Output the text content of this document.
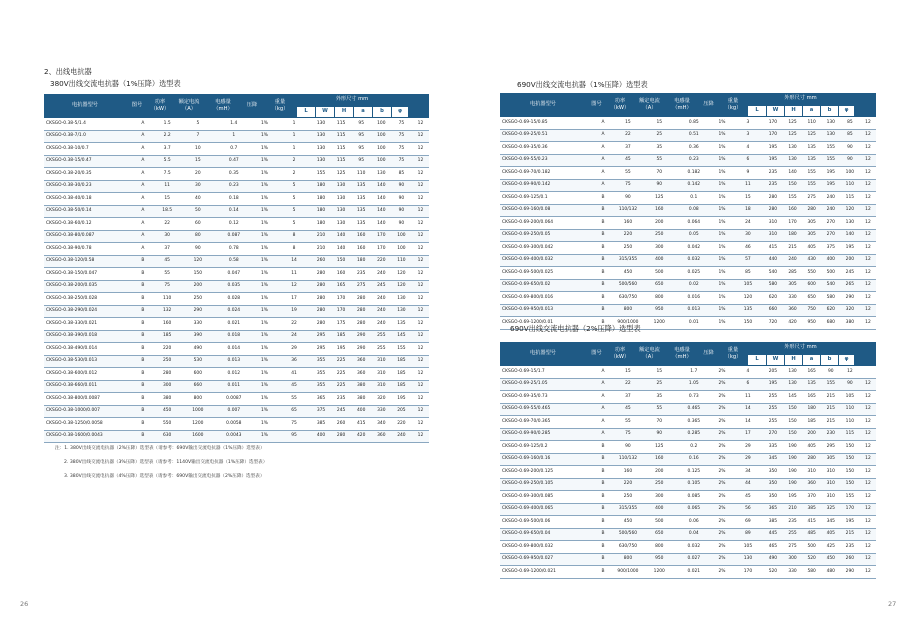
2、出线电抗器
380V出线交流电抗器（1%压降）选型表
电抗器型号	图号
功率
（kW）
额定电流
（A）
电感量
（mH）
压降
重量
（kg）
外形尺寸 mm
L	W	H	a	b	φ
CKSGO-0.38-5/1.4	A	1.5	5	1.4	1%	1	130	115	95	100	75	12
CKSGO-0.38-7/1.0	A	2.2	7	1	1%	1	130	115	95	100	75	12
CKSGO-0.38-10/0.7	A	3.7	10	0.7	1%	1	130	115	95	100	75	12
CKSGO-0.38-15/0.47	A	5.5	15	0.47	1%	2	130	115	95	100	75	12
CKSGO-0.38-20/0.35	A	7.5	20	0.35	1%	2	155	125	110	130	85	12
CKSGO-0.38-30/0.23	A	11	30	0.23	1%	5	180	130	135	140	90	12
CKSGO-0.38-40/0.18	A	15	40	0.18	1%	5	180	130	135	140	90	12
CKSGO-0.38-50/0.14	A	18.5	50	0.14	1%	5	180	130	135	140	90	12
CKSGO-0.38-60/0.12	A	22	60	0.12	1%	5	180	130	135	140	90	12
CKSGO-0.38-80/0.087	A	30	80	0.087	1%	8	210	140	160	170	100	12
CKSGO-0.38-90/0.78	A	37	90	0.78	1%	8	210	140	160	170	100	12
CKSGO-0.38-120/0.58	B	45	120	0.58	1%	14	260	150	180	220	110	12
CKSGO-0.38-150/0.047	B	55	150	0.047	1%	11	280	160	235	240	120	12
CKSGO-0.38-200/0.035	B	75	200	0.035	1%	12	280	165	275	245	120	12
CKSGO-0.38-250/0.028	B	110	250	0.028	1%	17	280	170	280	240	130	12
CKSGO-0.38-290/0.024	B	132	290	0.024	1%	19	280	170	280	240	130	12
CKSGO-0.38-330/0.021	B	160	330	0.021	1%	22	280	175	280	240	135	12
CKSGO-0.38-390/0.018	B	185	390	0.018	1%	24	295	185	290	255	145	12
CKSGO-0.38-490/0.014	B	220	490	0.014	1%	29	295	195	290	255	155	12
CKSGO-0.38-530/0.013	B	250	530	0.013	1%	36	355	225	360	310	185	12
CKSGO-0.38-600/0.012	B	280	600	0.012	1%	41	355	225	360	310	185	12
CKSGO-0.38-660/0.011	B	300	660	0.011	1%	45	355	225	380	310	185	12
CKSGO-0.38-800/0.0087	B	380	800	0.0087	1%	55	365	235	380	320	195	12
CKSGO-0.38-1000/0.007	B	450	1000	0.007	1%	65	375	245	400	330	205	12
CKSGO-0.38-1250/0.0058	B	550	1200	0.0058	1%	75	385	260	415	340	220	12
CKSGO-0.38-1600/0.0043	B	630	1600	0.0043	1%	95	400	280	420	360	240	12
注：1. 380V出线交流电抗器（2%压降）选型表（请参考：690V输出交流电抗器（1%压降）选型表）
2. 380V出线交流电抗器（3%压降）选型表（请参考：1140V输出交流电抗器（1%压降）选型表）
3. 380V出线交流电抗器（4%压降）选型表（请参考：690V输出交流电抗器（2%压降）选型表）
26
690V出线交流电抗器（1%压降）选型表
电抗器型号	图号
功率
（kW）
额定电流
（A）
电感量
（mH）
压降
重量
（kg）
外形尺寸 mm
L	W	H	a	b	φ
CKSGO-0.69-15/0.85	A	15	15	0.85	1%	3	170	125	110	130	85	12
CKSGO-0.69-25/0.51	A	22	25	0.51	1%	3	170	125	125	130	85	12
CKSGO-0.69-35/0.36	A	37	35	0.36	1%	4	195	130	135	155	90	12
CKSGO-0.69-55/0.23	A	45	55	0.23	1%	6	195	130	135	155	90	12
CKSGO-0.69-70/0.182	A	55	70	0.182	1%	9	235	140	155	195	100	12
CKSGO-0.69-90/0.142	A	75	90	0.142	1%	11	235	150	155	195	110	12
CKSGO-0.69-125/0.1	B	90	125	0.1	1%	15	280	155	275	240	115	12
CKSGO-0.69-160/0.08	B	110/132	160	0.08	1%	18	280	160	280	240	120	12
CKSGO-0.69-200/0.064	B	160	200	0.064	1%	24	310	170	305	270	130	12
CKSGO-0.69-250/0.05	B	220	250	0.05	1%	30	310	180	305	270	140	12
CKSGO-0.69-300/0.042	B	250	300	0.042	1%	46	415	215	405	375	195	12
CKSGO-0.69-400/0.032	B	315/355	400	0.032	1%	57	440	240	430	400	200	12
CKSGO-0.69-500/0.025	B	450	500	0.025	1%	85	540	285	550	500	245	12
CKSGO-0.69-650/0.02	B	500/560	650	0.02	1%	105	580	305	600	540	265	12
CKSGO-0.69-800/0.016	B	630/750	800	0.016	1%	120	620	330	650	580	290	12
CKSGO-0.69-950/0.013	B	800	950	0.013	1%	135	660	360	750	620	320	12
CKSGO-0.69-1200/0.01	B	900/1000	1200	0.01	1%	150	720	420	950	680	380	12
690V出线交流电抗器（2%压降）选型表
电抗器型号	图号
功率
（kW）
额定电流
（A）
电感量
（mH）
压降
重量
（kg）
外形尺寸 mm
L	W	H	a	b	φ
CKSGO-0.69-15/1.7	A	15	15	1.7	2%	4	205	130	165	90	12	
CKSGO-0.69-25/1.05	A	22	25	1.05	2%	6	195	130	135	155	90	12
CKSGO-0.69-35/0.73	A	37	35	0.73	2%	11	255	145	165	215	105	12
CKSGO-0.69-55/0.465	A	45	55	0.465	2%	14	255	150	180	215	110	12
CKSGO-0.69-70/0.365	A	55	70	0.365	2%	14	255	150	185	215	110	12
CKSGO-0.69-90/0.285	A	75	90	0.285	2%	17	270	150	200	230	115	12
CKSGO-0.69-125/0.2	B	90	125	0.2	2%	29	335	190	405	295	150	12
CKSGO-0.69-160/0.16	B	110/132	160	0.16	2%	29	345	190	280	305	150	12
CKSGO-0.69-200/0.125	B	160	200	0.125	2%	34	350	190	310	310	150	12
CKSGO-0.69-250/0.105	B	220	250	0.105	2%	44	350	190	360	310	150	12
CKSGO-0.69-300/0.085	B	250	300	0.085	2%	45	350	195	370	310	155	12
CKSGO-0.69-400/0.065	B	315/355	400	0.065	2%	56	365	210	385	325	170	12
CKSGO-0.69-500/0.06	B	450	500	0.06	2%	69	385	235	415	345	195	12
CKSGO-0.69-650/0.04	B	500/560	650	0.04	2%	89	445	255	485	405	215	12
CKSGO-0.69-800/0.032	B	630/750	800	0.032	2%	105	465	275	500	425	235	12
CKSGO-0.69-950/0.027	B	800	950	0.027	2%	130	490	300	520	450	260	12
CKSGO-0.69-1200/0.021	B	900/1000	1200	0.021	2%	170	520	330	580	480	290	12
27
